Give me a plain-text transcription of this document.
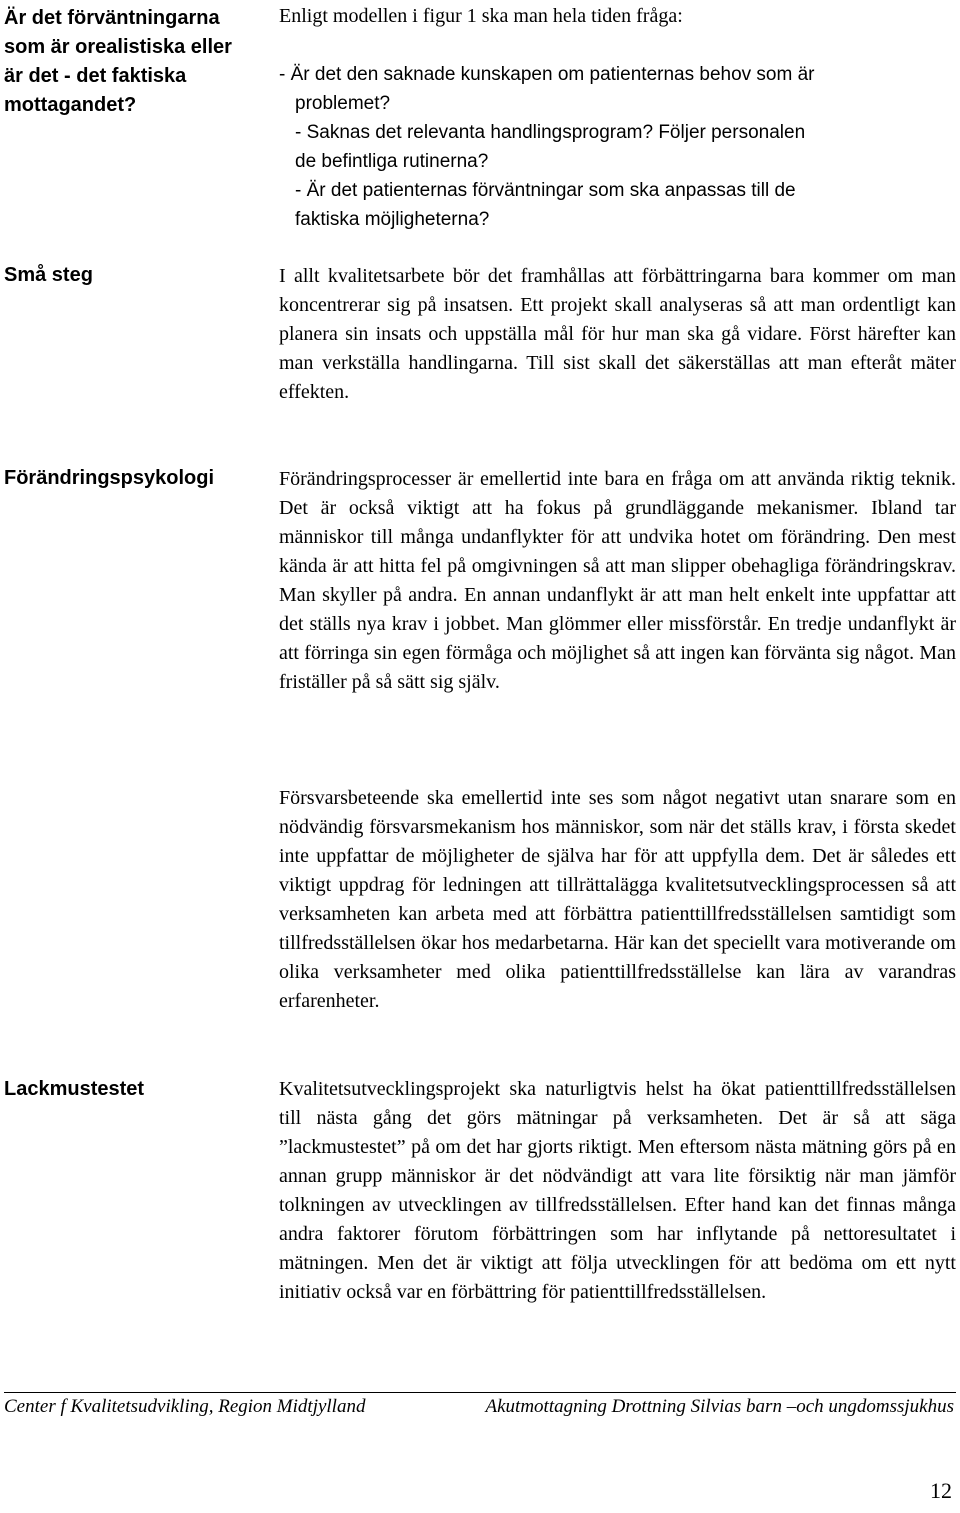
Är det förväntningarna som är orealistiska eller är det - det faktiska mottagandet?

Små steg

Förändringspsykologi

Lackmustestet

Enligt modellen i figur 1 ska man hela tiden fråga:
- Är det den saknade kunskapen om patienternas behov som är
problemet?
- Saknas det relevanta handlingsprogram? Följer personalen
de befintliga rutinerna?
- Är det patienternas förväntningar som ska anpassas till de
faktiska möjligheterna?

I allt kvalitetsarbete bör det framhållas att förbättringarna bara kommer om man koncentrerar sig på insatsen. Ett projekt skall analyseras så att man ordentligt kan planera sin insats och uppställa mål för hur man ska gå vidare. Först härefter kan man verkställa handlingarna. Till sist skall det säkerställas att man efteråt mäter effekten.

Förändringsprocesser är emellertid inte bara en fråga om att använda riktig teknik. Det är också viktigt att ha fokus på grundläggande mekanismer. Ibland tar människor till många undanflykter för att undvika hotet om förändring. Den mest kända är att hitta fel på omgivningen så att man slipper obehagliga förändringskrav. Man skyller på andra. En annan undanflykt är att man helt enkelt inte uppfattar att det ställs nya krav i jobbet. Man glömmer eller missförstår. En tredje undanflykt är att förringa sin egen förmåga och möjlighet så att ingen kan förvänta sig något. Man friställer på så sätt sig själv.

Försvarsbeteende ska emellertid inte ses som något negativt utan snarare som en nödvändig försvarsmekanism hos människor, som när det ställs krav, i första skedet inte uppfattar de möjligheter de själva har för att uppfylla dem. Det är således ett viktigt uppdrag för ledningen att tillrättalägga kvalitetsutvecklingsprocessen så att verksamheten kan arbeta med att förbättra patienttillfredsställelsen samtidigt som tillfredsställelsen ökar hos medarbetarna. Här kan det speciellt vara motiverande om olika verksamheter med olika patienttillfredsställelse kan lära av varandras erfarenheter.

Kvalitetsutvecklingsprojekt ska naturligtvis helst ha ökat patienttillfredsställelsen till nästa gång det görs mätningar på verksamheten. Det är så att säga ”lackmustestet” på om det har gjorts riktigt. Men eftersom nästa mätning görs på en annan grupp människor är det nödvändigt att vara lite försiktig när man jämför tolkningen av utvecklingen av tillfredsställelsen. Efter hand kan det finnas många andra faktorer förutom förbättringen som har inflytande på nettoresultatet i mätningen. Men det är viktigt att följa utvecklingen för att bedöma om ett nytt initiativ också var en förbättring för patienttillfredsställelsen.

Center f Kvalitetsudvikling, Region Midtjylland	Akutmottagning Drottning Silvias barn –och ungdomssjukhus
12
